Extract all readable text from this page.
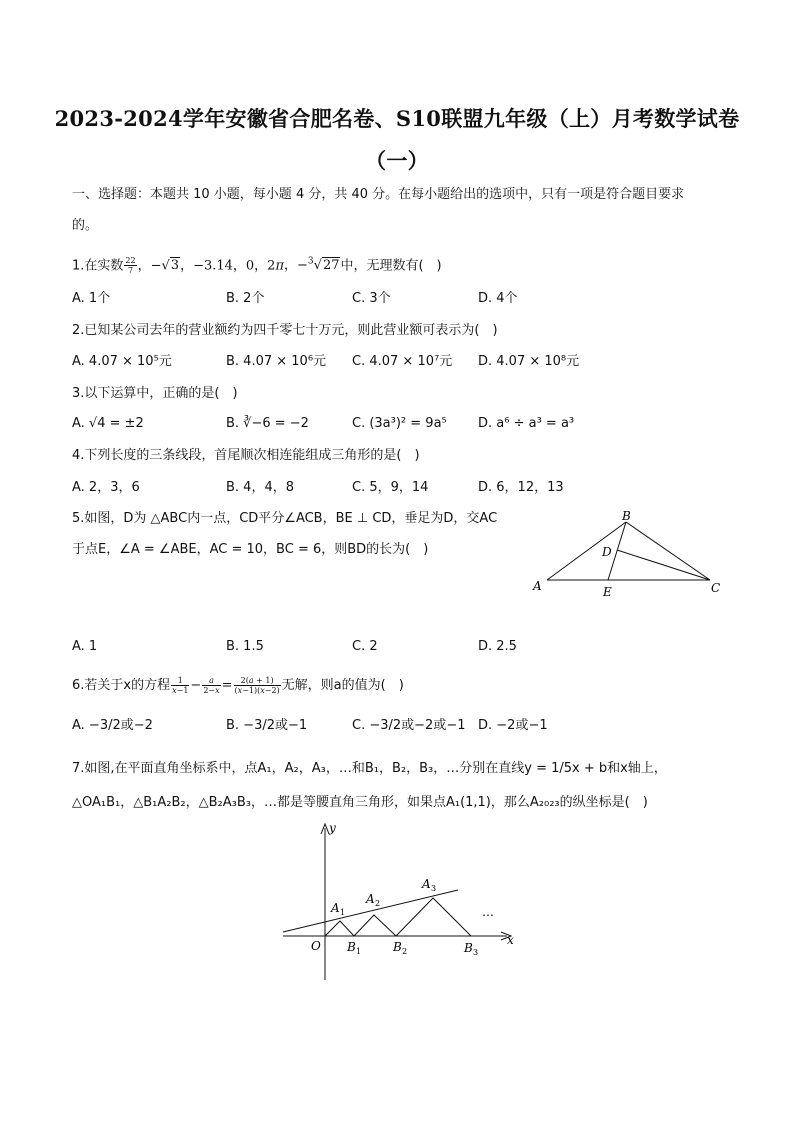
2023-2024学年安徽省合肥名卷、S10联盟九年级（上）月考数学试卷
（一）
一、选择题：本题共 10 小题，每小题 4 分，共 40 分。在每小题给出的选项中，只有一项是符合题目要求
的。
1.在实数 $\frac{22}{7}$ ，−√3，−3.14，0，2π，−$^3$√27中，无理数有(　)
A. 1个	B. 2个	C. 3个	D. 4个
2.已知某公司去年的营业额约为四千零七十万元，则此营业额可表示为(　)
A. 4.07 × 10⁵元	B. 4.07 × 10⁶元 C. 4.07 × 10⁷元 D. 4.07 × 10⁸元
3.以下运算中，正确的是(　)
A. √4 = ±2	B. ∛−6 = −2	C. (3a³)² = 9a⁵ D. a⁶ ÷ a³ = a³
4.下列长度的三条线段，首尾顺次相连能组成三角形的是(　)
A. 2，3，6	B. 4，4，8	C. 5，9，14	D. 6，12，13
5.如图，D为 △ABC内一点，CD平分∠ACB，BE ⊥ CD，垂足为D，交AC
于点E，∠A = ∠ABE，AC = 10，BC = 6，则BD的长为(　)
B
D
A	E	C
A. 1	B. 1.5	C. 2	D. 2.5
6.若关于x的方程 $\frac{1}{x-1} - \frac{a}{2-x} = \frac{2(a + 1)}{(x-1)(x-2)}$ 无解，则a的值为(　)
A. −3/2或−2	B. −3/2或−1	C. −3/2或−2或−1 D. −2或−1
7.如图,在平面直角坐标系中，点A₁，A₂，A₃，…和B₁，B₂，B₃，…分别在直线y = 1/5x + b和x轴上，
△OA₁B₁，△B₁A₂B₂，△B₂A₃B₃，…都是等腰直角三角形，如果点A₁(1,1)，那么A₂₀₂₃的纵坐标是(　)
y
x
O
A 1
A 2
A 3
B 1	B 2	B 3
…
